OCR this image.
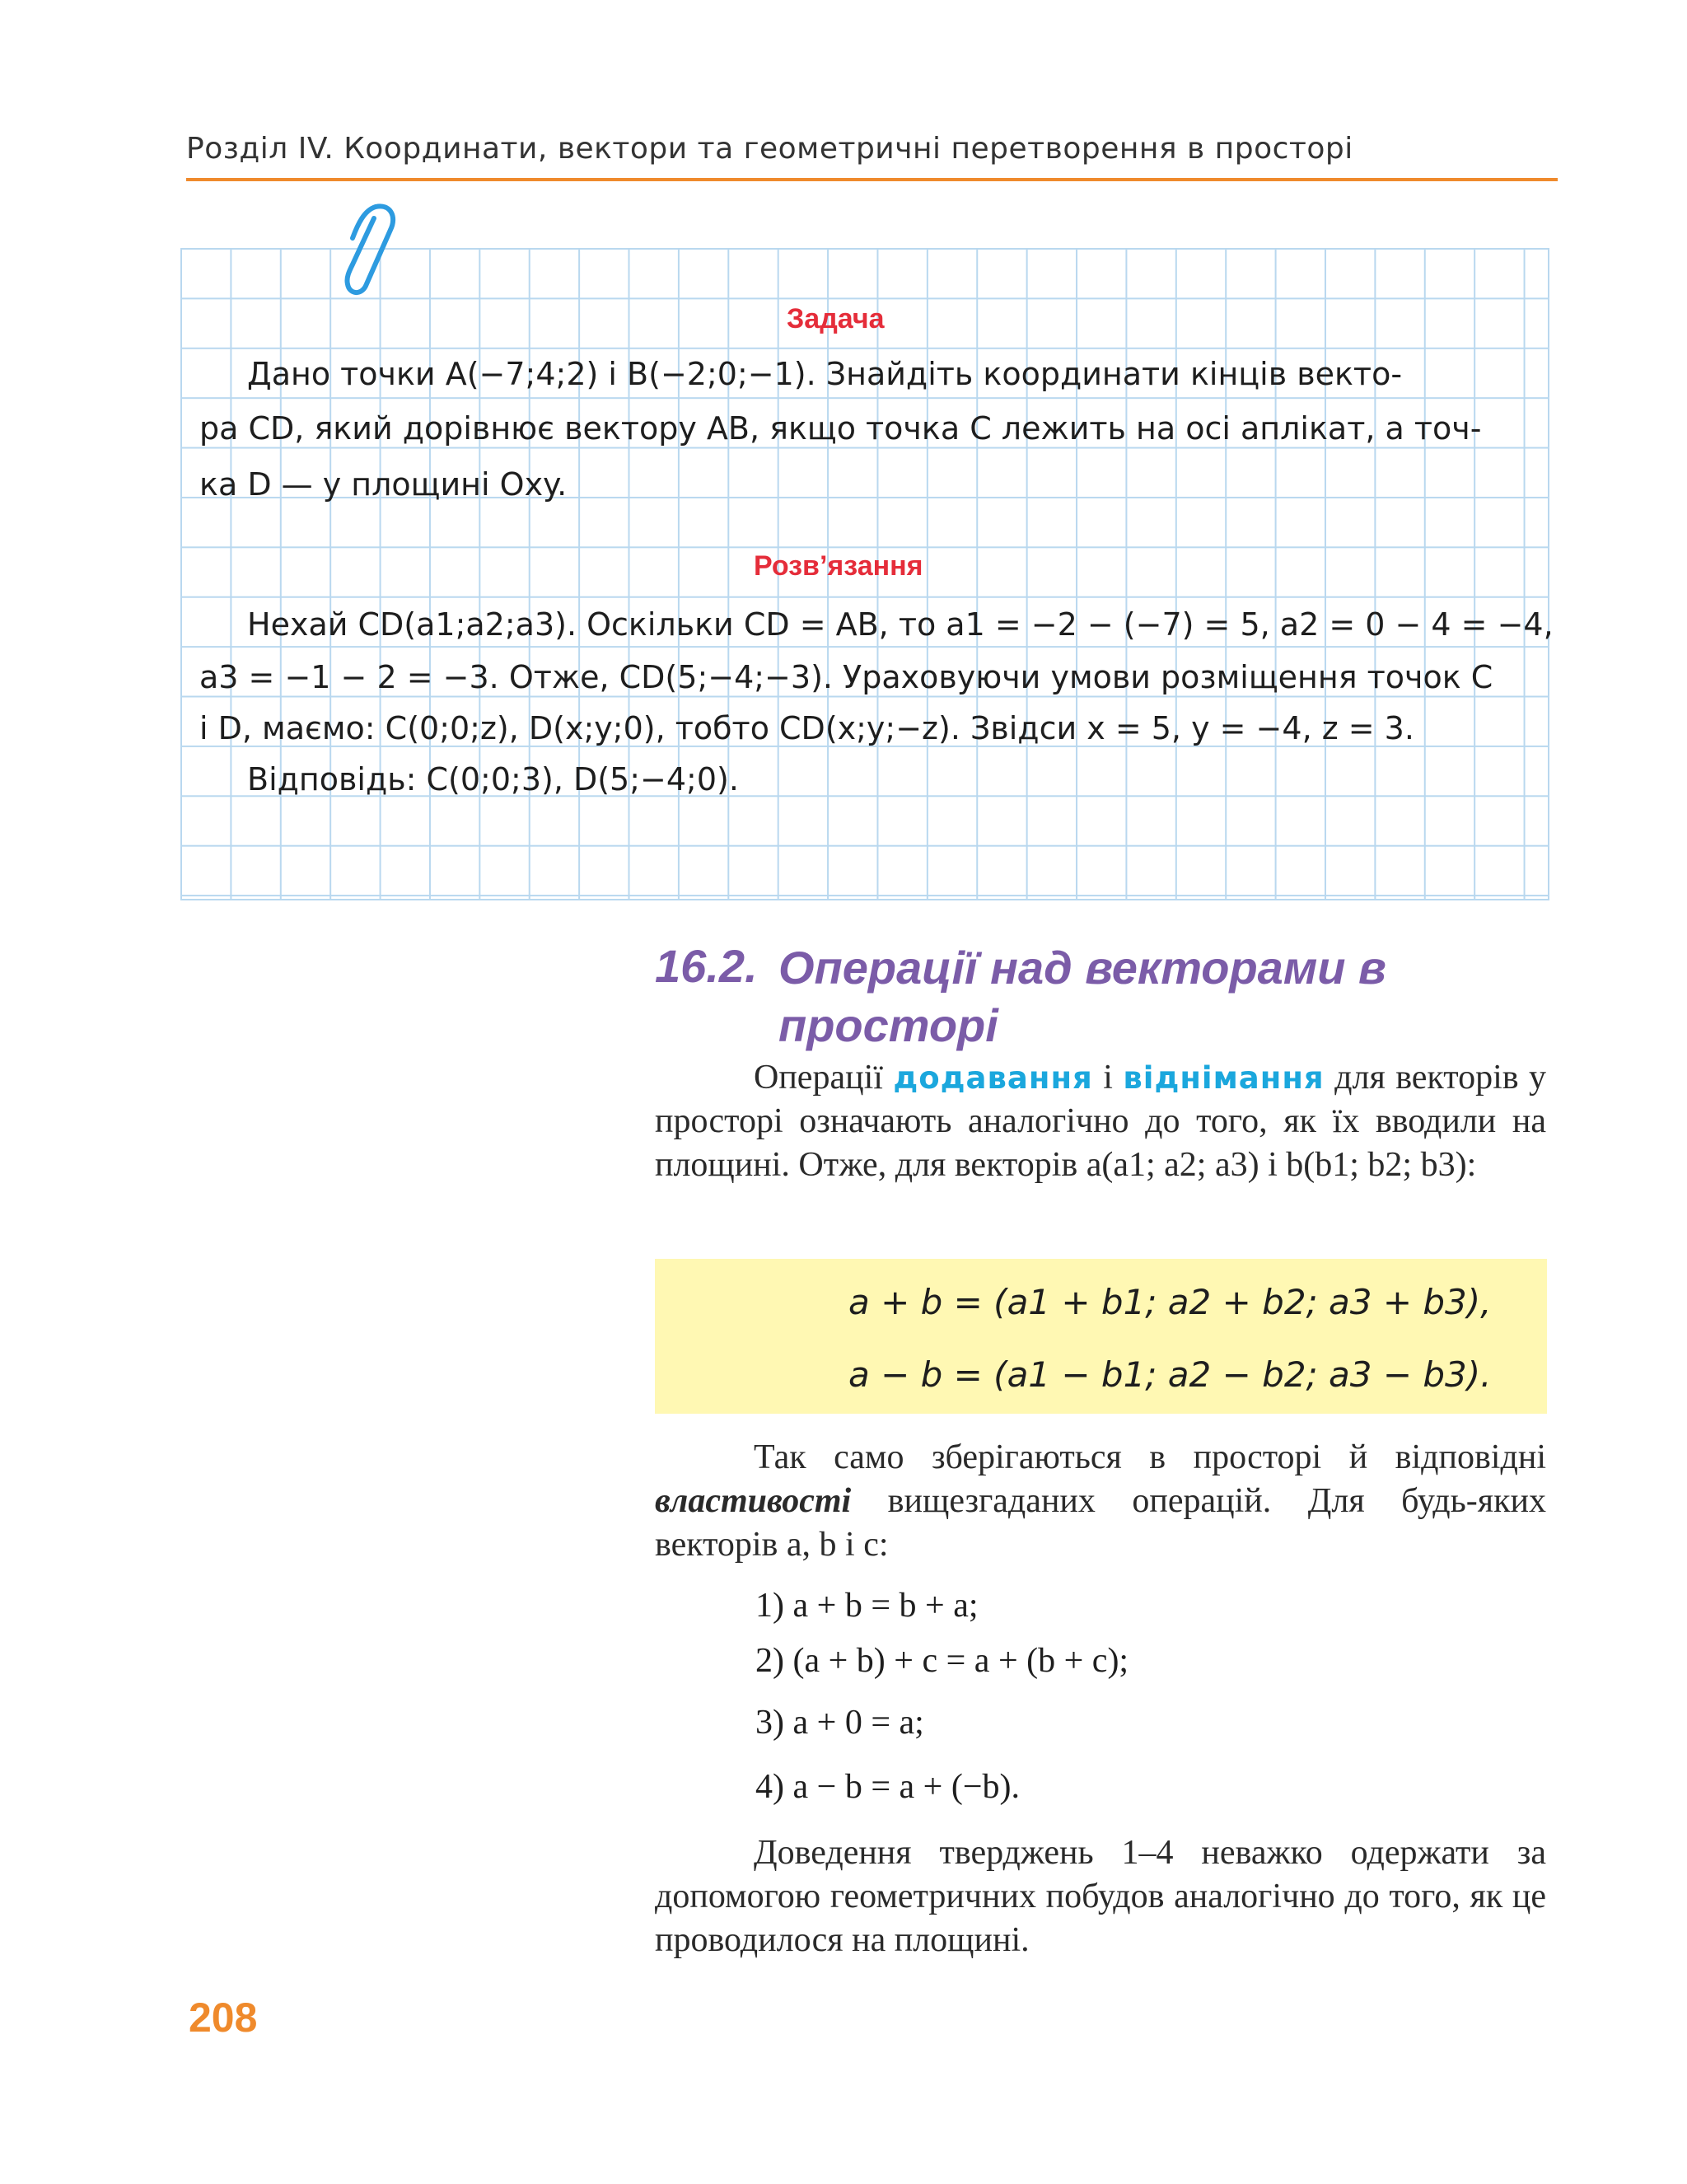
Розділ IV. Координати, вектори та геометричні перетворення в просторі
Задача
Дано точки A(−7;4;2) і B(−2;0;−1). Знайдіть координати кінців векто-
ра CD, який дорівнює вектору AB, якщо точка C лежить на осі аплікат, а точ-
ка D — у площині Oxy.
Розв’язання
Нехай CD(a1;a2;a3). Оскільки CD = AB, то a1 = −2 − (−7) = 5, a2 = 0 − 4 = −4,
a3 = −1 − 2 = −3. Отже, CD(5;−4;−3). Ураховуючи умови розміщення точок C
і D, маємо: C(0;0;z), D(x;y;0), тобто CD(x;y;−z). Звідси x = 5, y = −4, z = 3.
Відповідь: C(0;0;3), D(5;−4;0).
16.2. Операції над векторами в просторі
Операції додавання і віднімання для векторів у просторі означають аналогічно до того, як їх вводили на площині. Отже, для векторів a(a1; a2; a3) і b(b1; b2; b3):
a + b = (a1 + b1; a2 + b2; a3 + b3),
a − b = (a1 − b1; a2 − b2; a3 − b3).
Так само зберігаються в просторі й відповідні властивості вищезгаданих операцій. Для будь-яких векторів a, b і c:
1) a + b = b + a;
2) (a + b) + c = a + (b + c);
3) a + 0 = a;
4) a − b = a + (−b).
Доведення тверджень 1–4 неважко одержати за допомогою геометричних побудов аналогічно до того, як це проводилося на площині.
208
